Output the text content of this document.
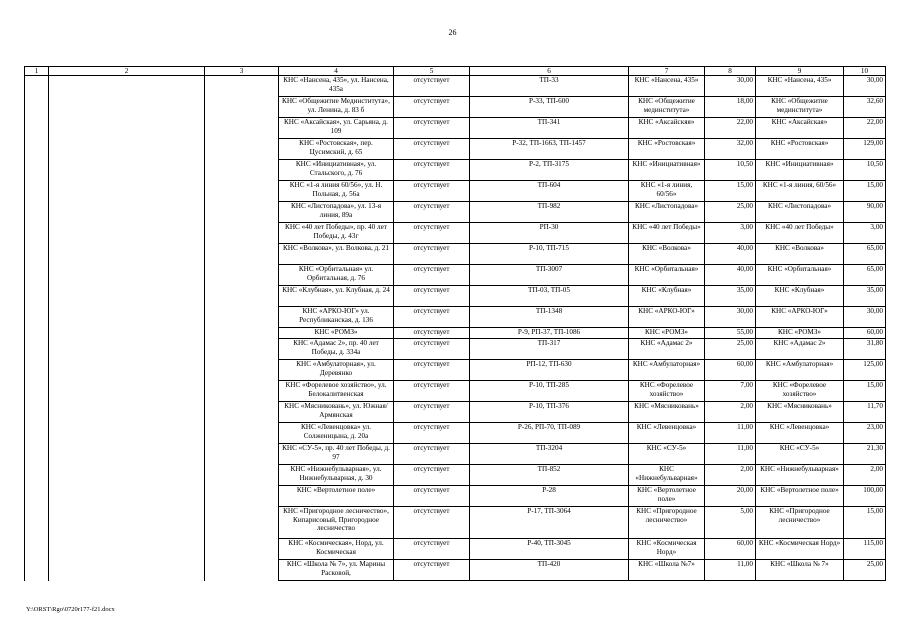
26
1	2	3	4	5	6	7	8	9	10
			КНС «Нансена, 435», ул. Нансена, 435а	отсутствует	ТП-33	КНС «Нансена, 435»	30,00	КНС «Нансена, 435»	30,00
			КНС «Общежитие Мединститута», ул. Ленина, д. 83 б	отсутствует	Р-33, ТП-600	КНС «Общежитие мединститута»	18,00	КНС «Общежитие мединститута»	32,60
			КНС «Аксайская», ул. Сарьяна, д. 109	отсутствует	ТП-341	КНС «Аксайскяя»	22,00	КНС «Аксайская»	22,00
			КНС «Ростовская», пер. Цусимский, д. 65	отсутствует	Р-32, ТП-1663, ТП-1457	КНС «Ростовская»	32,00	КНС «Ростовская»	129,00
			КНС «Инициативная», ул. Стальского, д. 76	отсутствует	Р-2, ТП-3175	КНС «Инициативная»	10,50	КНС «Инициативная»	10,50
			КНС «1-я линия 60/56», ул. Н. Польная, д. 56а	отсутствует	ТП-604	КНС «1-я линия, 60/56»	15,00	КНС «1-я линия, 60/56»	15,00
			КНС «Листопадова», ул. 13-я линия, 89а	отсутствует	ТП-982	КНС «Листопадова»	25,00	КНС «Листопадова»	90,00
			КНС «40 лет Победы», пр. 40 лет Победы, д. 43г	отсутствует	РП-30	КНС «40 лет Победы»	3,00	КНС «40 лет Победы»	3,00
			КНС «Волкова», ул. Волкова, д. 21	отсутствует	Р-10, ТП-715	КНС «Волкова»	40,00	КНС «Волкова»	65,00
			КНС «Орбитальная» ул. Орбитальная, д. 76	отсутствует	ТП-3007	КНС «Орбитальная»	40,00	КНС «Орбитальная»	65,00
			КНС «Клубная», ул. Клубная, д. 24	отсутствует	ТП-03, ТП-05	КНС «Клубная»	35,00	КНС «Клубная»	35,00
			КНС «АРКО-ЮГ» ул. Республиканская, д. 136	отсутствует	ТП-1348	КНС «АРКО-ЮГ»	30,00	КНС «АРКО-ЮГ»	30,00
			КНС «РОМЗ»	отсутствует	Р-9, РП-37, ТП-1086	КНС «РОМЗ»	55,00	КНС «РОМЗ»	60,00
			КНС «Адамас 2», пр. 40 лет Победы, д. 334а	отсутствует	ТП-317	КНС «Адамас 2»	25,00	КНС «Адамас 2»	31,80
			КНС «Амбулаторная», ул. Деревянко	отсутствует	РП-12, ТП-630	КНС «Амбулаторная»	60,00	КНС «Амбулаторная»	125,00
			КНС «Форелевое хозяйство», ул. Белокалитвенская	отсутствует	Р-10, ТП-285	КНС «Форелевое хозяйство»	7,00	КНС «Форелевое хозяйство»	15,00
			КНС «Мясниковань», ул. Южная/ Армянская	отсутствует	Р-10, ТП-376	КНС «Мясниковань»	2,00	КНС «Мясниковань»	11,70
			КНС «Левенцовка» ул. Солженицына, д. 20а	отсутствует	Р-26, РП-70, ТП-089	КНС «Левенцовка»	11,00	КНС «Левенцовка»	23,00
			КНС «СУ-5», пр. 40 лет Победы, д. 97	отсутствует	ТП-3204	КНС «СУ-5»	11,00	КНС «СУ-5»	21,30
			КНС «Нижнебульварная», ул. Нижнебульварная, д. 30	отсутствует	ТП-852	КНС «Нижнебульварная»	2,00	КНС «Нижнебульварная»	2,00
			КНС «Вертолетное поле»	отсутствует	Р-28	КНС «Вертолетное поле»	20,00	КНС «Вертолетное поле»	100,00
			КНС «Пригородное лесничество», Кипарисовый, Пригородное лесничество	отсутствует	Р-17, ТП-3064	КНС «Пригородное лесничество»	5,00	КНС «Пригородное лесничество»	15,00
			КНС «Космическая», Норд, ул. Космическая	отсутствует	Р-40, ТП-3045	КНС «Космическая Норд»	60,00	КНС «Космическая Норд»	115,00
			КНС «Школа № 7», ул. Марины Расковой,	отсутствует	ТП-420	КНС «Школа №7»	11,00	КНС «Школа № 7»	25,00
Y:\ORST\Rgo\0720r177-f21.docx
